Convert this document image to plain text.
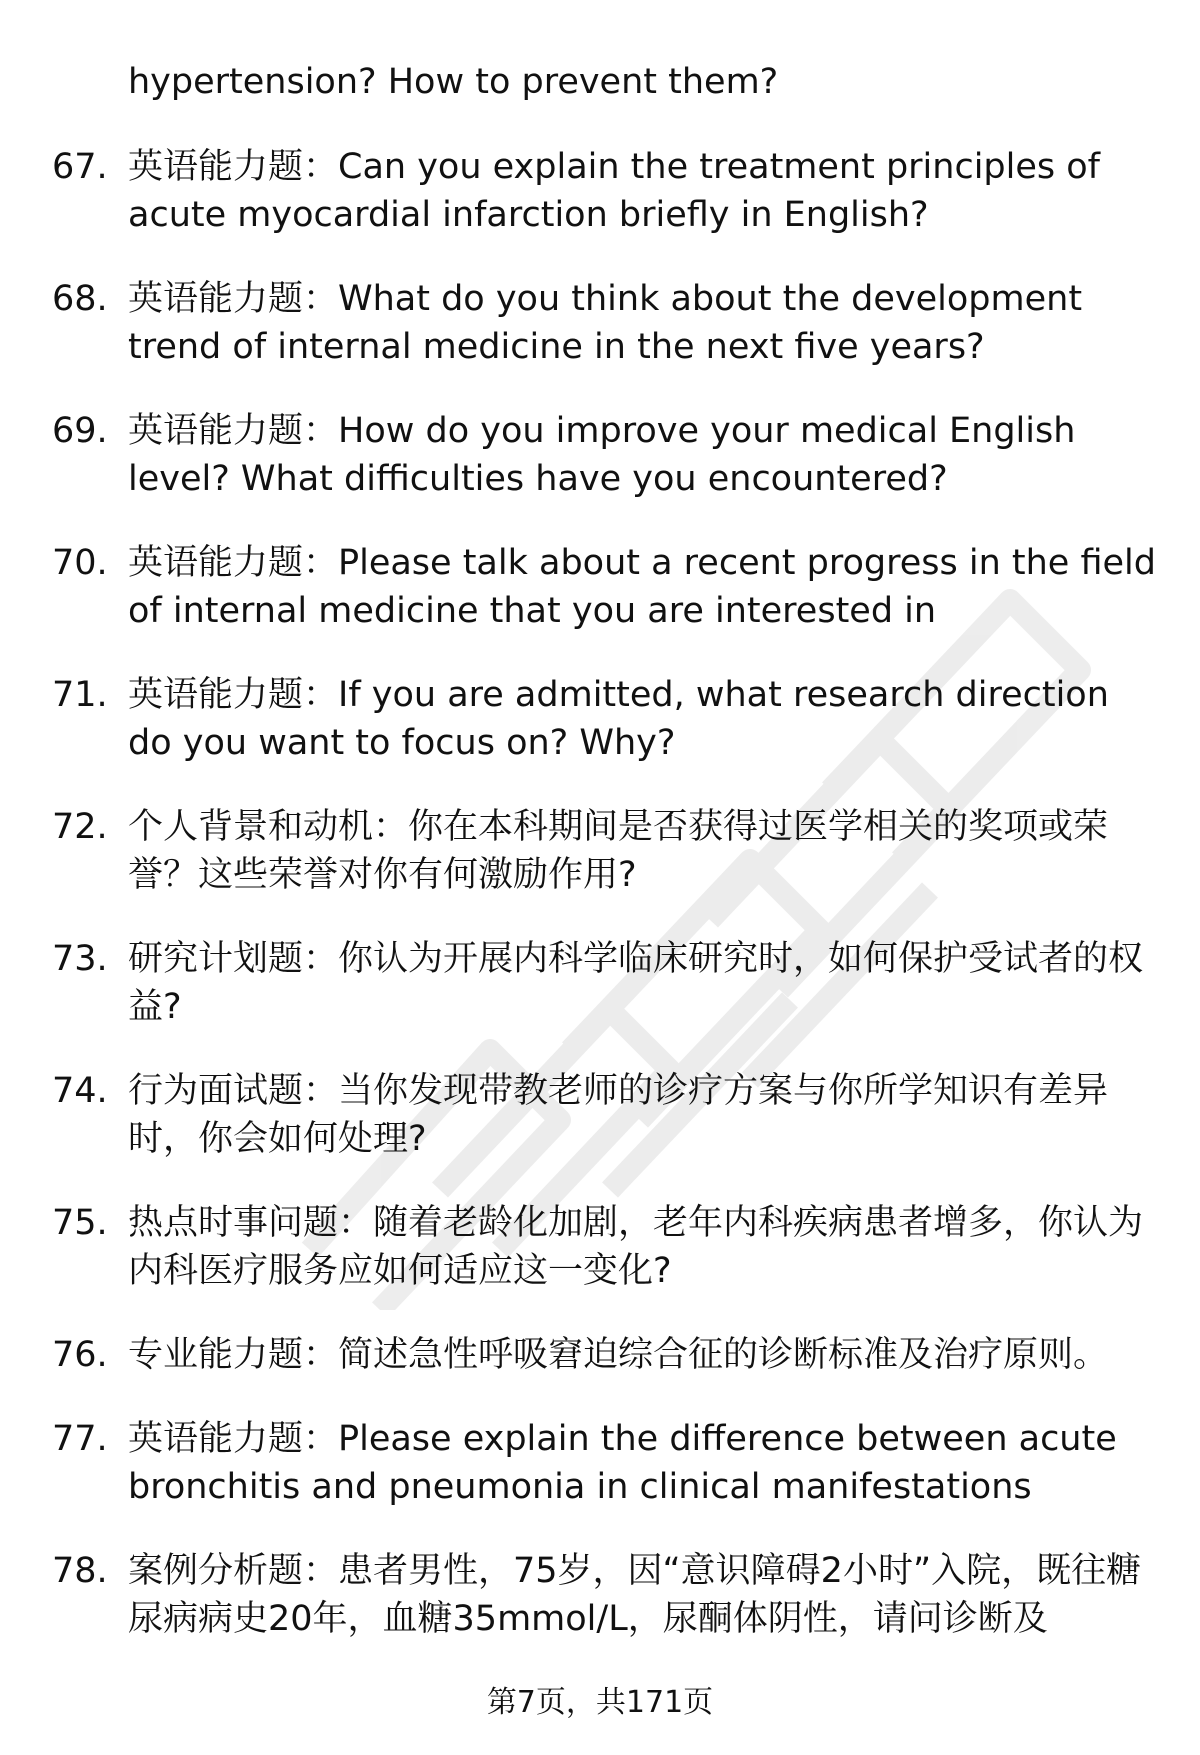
hypertension? How to prevent them?
67. 英语能力题：Can you explain the treatment principles of acute myocardial infarction briefly in English?
68. 英语能力题：What do you think about the development trend of internal medicine in the next five years?
69. 英语能力题：How do you improve your medical English level? What difficulties have you encountered?
70. 英语能力题：Please talk about a recent progress in the field of internal medicine that you are interested in
71. 英语能力题：If you are admitted, what research direction do you want to focus on? Why?
72. 个人背景和动机：你在本科期间是否获得过医学相关的奖项或荣誉？这些荣誉对你有何激励作用?
73. 研究计划题：你认为开展内科学临床研究时，如何保护受试者的权益?
74. 行为面试题：当你发现带教老师的诊疗方案与你所学知识有差异时，你会如何处理?
75. 热点时事问题：随着老龄化加剧，老年内科疾病患者增多，你认为内科医疗服务应如何适应这一变化?
76. 专业能力题：简述急性呼吸窘迫综合征的诊断标准及治疗原则。
77. 英语能力题：Please explain the difference between acute bronchitis and pneumonia in clinical manifestations
78. 案例分析题：患者男性，75岁，因“意识障碍2小时”入院，既往糖尿病病史20年，血糖35mmol/L，尿酮体阴性，请问诊断及
第7页，共171页
